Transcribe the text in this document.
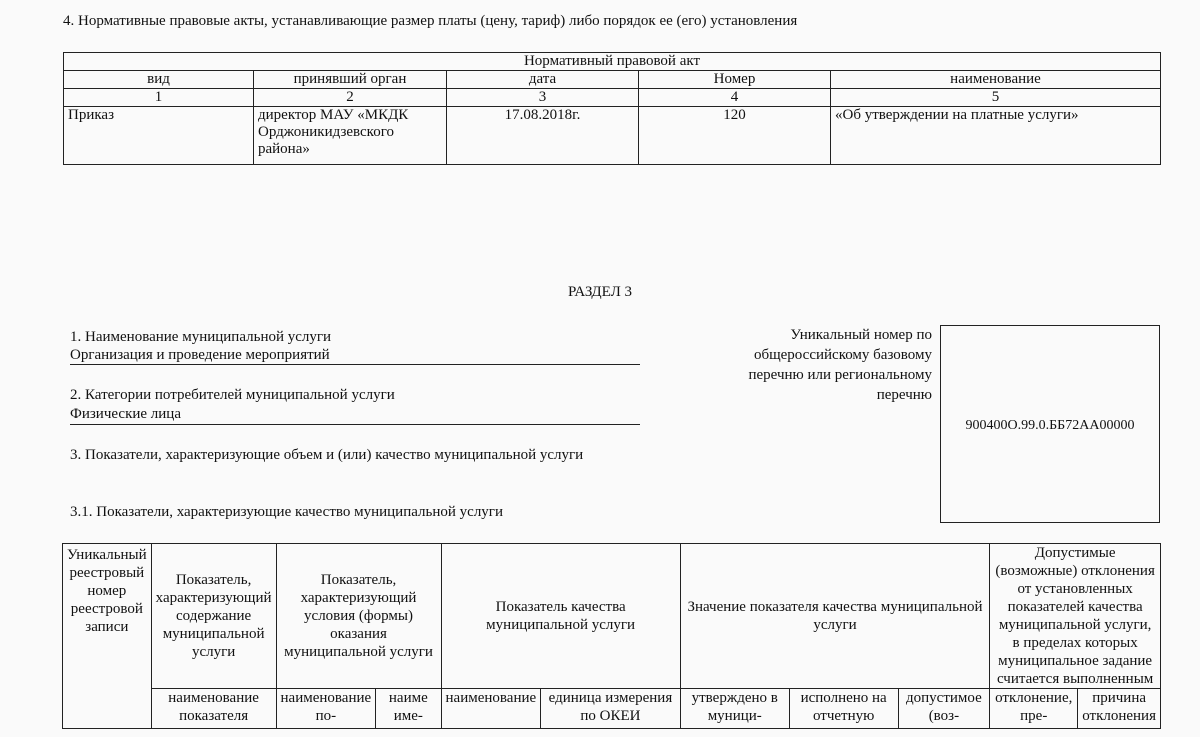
4. Нормативные правовые акты, устанавливающие размер платы (цену, тариф) либо порядок ее (его) установления
Нормативный правовой акт				
вид	принявший орган	дата	Номер	наименование
1	2	3	4	5
Приказ	директор МАУ «МКДК Орджоникидзевского района»	17.08.2018г.	120	«Об утверждении на платные услуги»
РАЗДЕЛ 3
1. Наименование муниципальной услуги
Организация и проведение мероприятий
2. Категории потребителей муниципальной услуги
Физические лица
3. Показатели, характеризующие объем и (или) качество муниципальной услуги
3.1. Показатели, характеризующие качество муниципальной услуги
Уникальный номер по общероссийскому базовому перечню или региональному перечню
900400О.99.0.ББ72АА00000
Уникальный реестровый номер реестровой записи	Показатель, характеризующий содержание муниципальной услуги	Показатель, характеризующий условия (формы) оказания муниципальной услуги		Показатель качества муниципальной услуги		Значение показателя качества муниципальной услуги			Допустимые (возможные) отклонения от установленных показателей качества муниципальной услуги, в пределах которых муниципальное задание считается выполненным	
	наименование показателя	наименование по-	наиме име-	наименование	единица измерения по ОКЕИ	утверждено в муници-	исполнено на отчетную	допустимое (воз-	отклонение, пре-	причина отклонения
